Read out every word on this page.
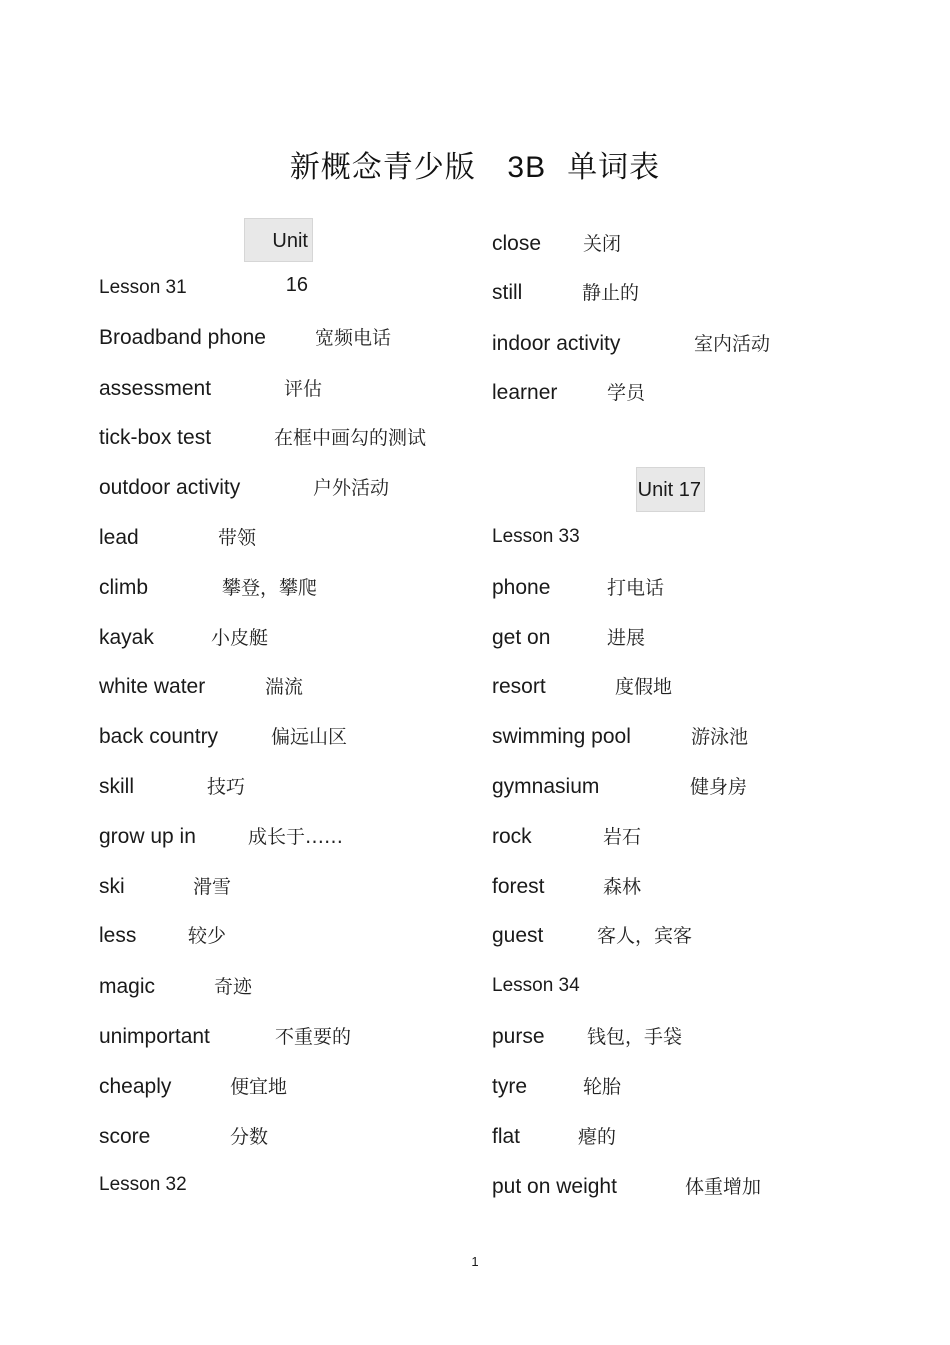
新概念青少版 3B 单词表
Unit 16
Lesson 31
Broadband phone	宽频电话
assessment	评估
tick-box test	在框中画勾的测试
outdoor activity	户外活动
lead	带领
climb	攀登，攀爬
kayak	小皮艇
white water	湍流
back country	偏远山区
skill	技巧
grow up in	成长于……
ski	滑雪
less	较少
magic	奇迹
unimportant	不重要的
cheaply	便宜地
score	分数
Lesson 32
close 关闭
still	静止的
indoor activity	室内活动
learner	学员
Unit 17
Lesson 33
phone	打电话
get on	进展
resort	度假地
swimming pool	游泳池
gymnasium	健身房
rock	岩石
forest	森林
guest	客人，宾客
Lesson 34
purse 钱包，手袋
tyre	轮胎
flat	瘪的
put on weight	体重增加
1
